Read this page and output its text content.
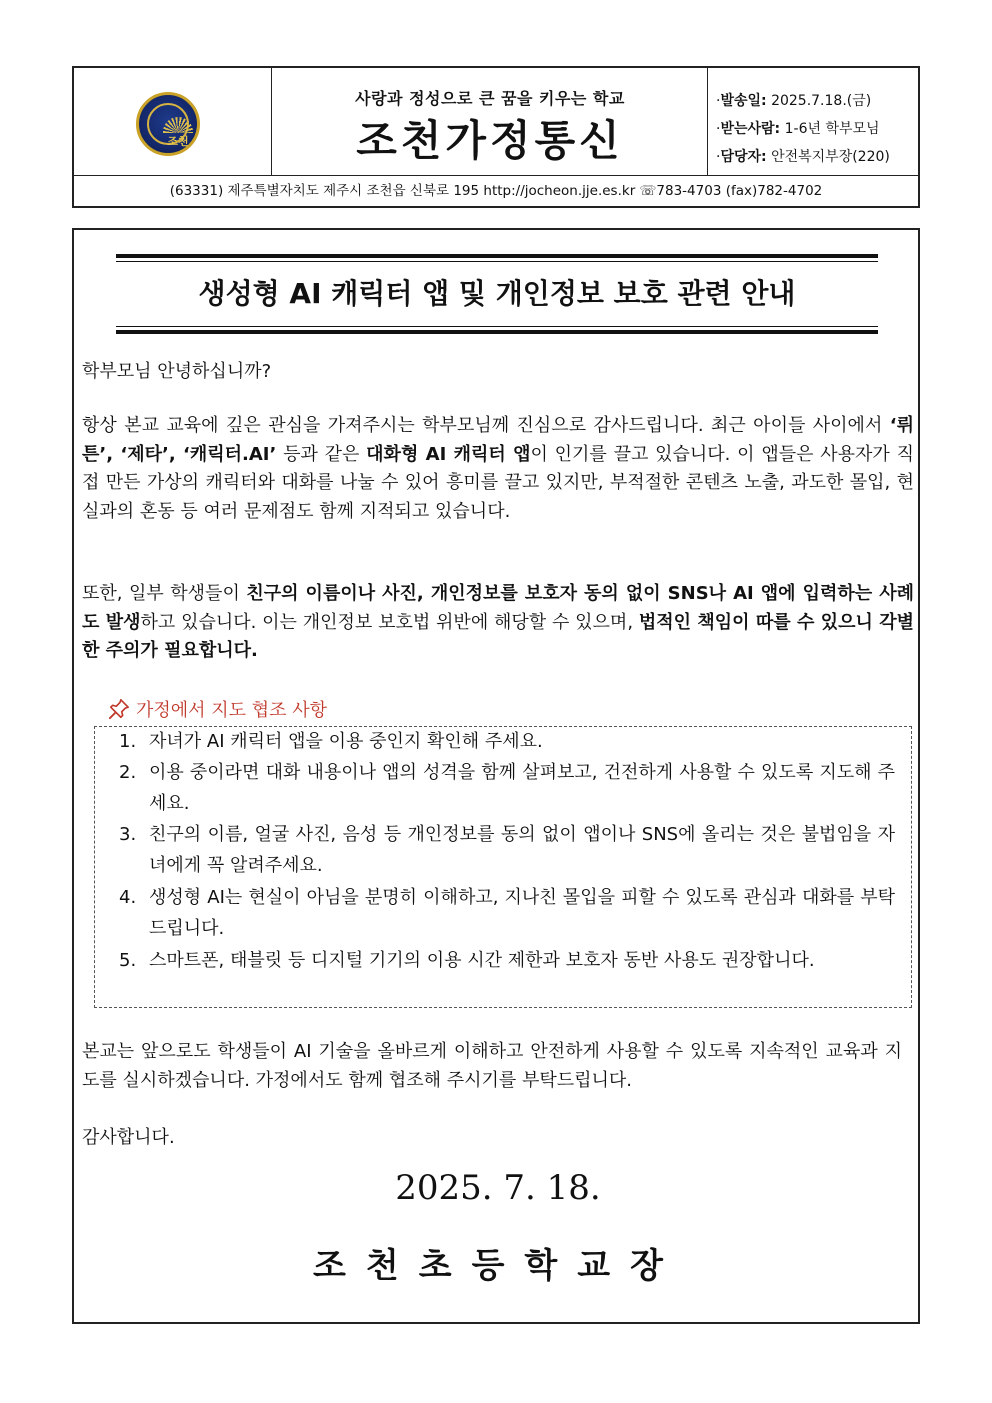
조천
사랑과 정성으로 큰 꿈을 키우는 학교
조천가정통신
·발송일: 2025.7.18.(금)
·받는사람: 1-6년 학부모님
·담당자: 안전복지부장(220)
(63331) 제주특별자치도 제주시 조천읍 신북로 195 http://jocheon.jje.es.kr ☏783-4703 (fax)782-4702
생성형 AI 캐릭터 앱 및 개인정보 보호 관련 안내
학부모님 안녕하십니까?
항상 본교 교육에 깊은 관심을 가져주시는 학부모님께 진심으로 감사드립니다. 최근 아이들 사이에서 ‘뤼튼’, ‘제타’, ‘캐릭터.AI’ 등과 같은 대화형 AI 캐릭터 앱이 인기를 끌고 있습니다. 이 앱들은 사용자가 직접 만든 가상의 캐릭터와 대화를 나눌 수 있어 흥미를 끌고 있지만, 부적절한 콘텐츠 노출, 과도한 몰입, 현실과의 혼동 등 여러 문제점도 함께 지적되고 있습니다.
또한, 일부 학생들이 친구의 이름이나 사진, 개인정보를 보호자 동의 없이 SNS나 AI 앱에 입력하는 사례도 발생하고 있습니다. 이는 개인정보 보호법 위반에 해당할 수 있으며, 법적인 책임이 따를 수 있으니 각별한 주의가 필요합니다.
가정에서 지도 협조 사항
1. 자녀가 AI 캐릭터 앱을 이용 중인지 확인해 주세요.
2. 이용 중이라면 대화 내용이나 앱의 성격을 함께 살펴보고, 건전하게 사용할 수 있도록 지도해 주세요.
3. 친구의 이름, 얼굴 사진, 음성 등 개인정보를 동의 없이 앱이나 SNS에 올리는 것은 불법임을 자녀에게 꼭 알려주세요.
4. 생성형 AI는 현실이 아님을 분명히 이해하고, 지나친 몰입을 피할 수 있도록 관심과 대화를 부탁드립니다.
5. 스마트폰, 태블릿 등 디지털 기기의 이용 시간 제한과 보호자 동반 사용도 권장합니다.
본교는 앞으로도 학생들이 AI 기술을 올바르게 이해하고 안전하게 사용할 수 있도록 지속적인 교육과 지도를 실시하겠습니다. 가정에서도 함께 협조해 주시기를 부탁드립니다.
감사합니다.
2025. 7. 18.
조천초등학교장
